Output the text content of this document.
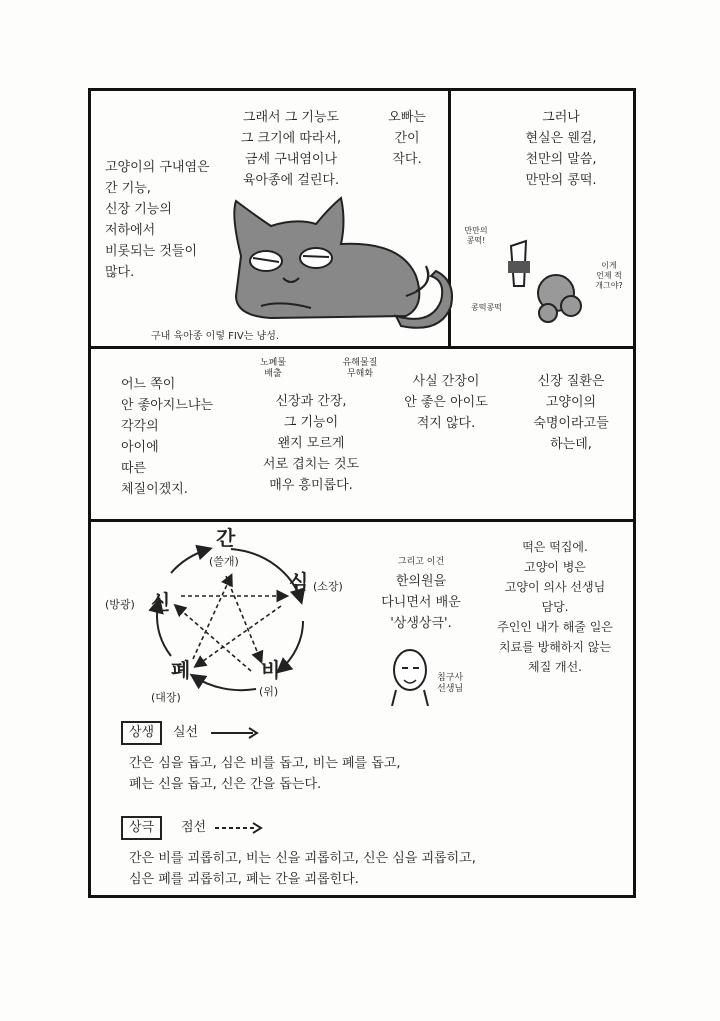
고양이의 구내염은
간 기능,
신장 기능의
저하에서
비롯되는 것들이
많다.
그래서 그 기능도
그 크기에 따라서,
금세 구내염이나
육아종에 걸린다.
오빠는
간이
작다.
구내 육아종 이렇 FIV는 냥성.
그러나
현실은 웬걸,
천만의 말씀,
만만의 콩떡.
만만의
콩떡!
이게
언제 적
개그야?
콩떡콩떡
어느 쪽이
안 좋아지느냐는
각각의
아이에
따른
체질이겠지.
노폐물
배출
유해물질
무해화
신장과 간장,
그 기능이
왠지 모르게
서로 겹치는 것도
매우 흥미롭다.
사실 간장이
안 좋은 아이도
적지 않다.
신장 질환은
고양이의
숙명이라고들
하는데,
간
(쓸개)
심 (소장)
비
(위)
폐
(대장)
신
(방광)
그리고 이건
한의원을
다니면서 배운
'상생상극'.
침구사
선생님
떡은 떡집에.
고양이 병은
고양이 의사 선생님
담당.
주인인 내가 해줄 일은
치료를 방해하지 않는
체질 개선.
상생	실선
간은 심을 돕고, 심은 비를 돕고, 비는 폐를 돕고,
폐는 신을 돕고, 신은 간을 돕는다.
상극	점선
간은 비를 괴롭히고, 비는 신을 괴롭히고, 신은 심을 괴롭히고,
심은 폐를 괴롭히고, 폐는 간을 괴롭힌다.
